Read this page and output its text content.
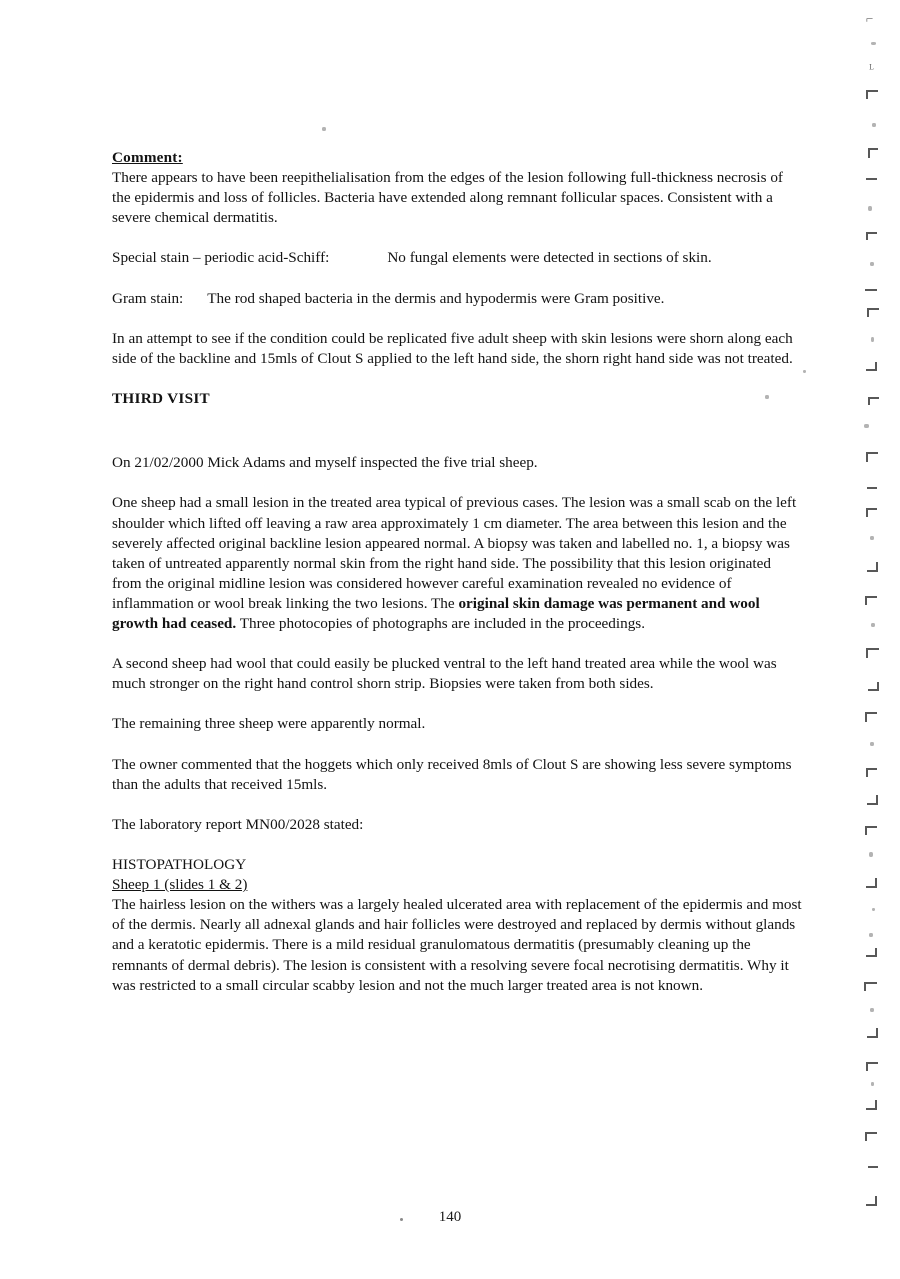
Comment:

There appears to have been reepithelialisation from the edges of the lesion following full-thickness necrosis of the epidermis and loss of follicles. Bacteria have extended along remnant follicular spaces. Consistent with a severe chemical dermatitis.

Special stain – periodic acid-Schiff:	No fungal elements were detected in sections of skin.

Gram stain: The rod shaped bacteria in the dermis and hypodermis were Gram positive.

In an attempt to see if the condition could be replicated five adult sheep with skin lesions were shorn along each side of the backline and 15mls of Clout S applied to the left hand side, the shorn right hand side was not treated.

THIRD VISIT

On 21/02/2000 Mick Adams and myself inspected the five trial sheep.

One sheep had a small lesion in the treated area typical of previous cases. The lesion was a small scab on the left shoulder which lifted off leaving a raw area approximately 1 cm diameter. The area between this lesion and the severely affected original backline lesion appeared normal. A biopsy was taken and labelled no. 1, a biopsy was taken of untreated apparently normal skin from the right hand side. The possibility that this lesion originated from the original midline lesion was considered however careful examination revealed no evidence of inflammation or wool break linking the two lesions. The original skin damage was permanent and wool growth had ceased. Three photocopies of photographs are included in the proceedings.

A second sheep had wool that could easily be plucked ventral to the left hand treated area while the wool was much stronger on the right hand control shorn strip. Biopsies were taken from both sides.

The remaining three sheep were apparently normal.

The owner commented that the hoggets which only received 8mls of Clout S are showing less severe symptoms than the adults that received 15mls.

The laboratory report MN00/2028 stated:

HISTOPATHOLOGY

Sheep 1 (slides 1 & 2)

The hairless lesion on the withers was a largely healed ulcerated area with replacement of the epidermis and most of the dermis. Nearly all adnexal glands and hair follicles were destroyed and replaced by dermis without glands and a keratotic epidermis. There is a mild residual granulomatous dermatitis (presumably cleaning up the remnants of dermal debris). The lesion is consistent with a resolving severe focal necrotising dermatitis. Why it was restricted to a small circular scabby lesion and not the much larger treated area is not known.

⌐
ᴸ
140
